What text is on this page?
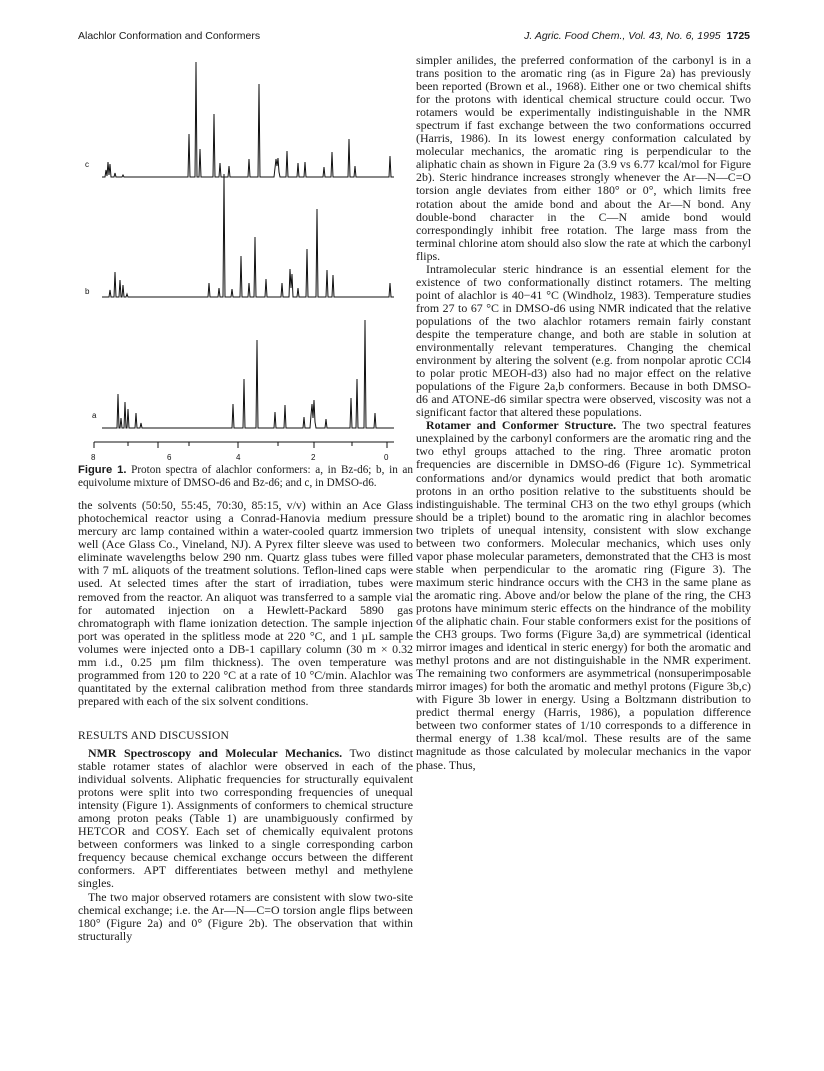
Alachlor Conformation and Conformers	J. Agric. Food Chem., Vol. 43, No. 6, 1995 1725
c
b
a
8	6	4	2	0
Figure 1. Proton spectra of alachlor conformers: a, in Bz-d6; b, in an equivolume mixture of DMSO-d6 and Bz-d6; and c, in DMSO-d6.

the solvents (50:50, 55:45, 70:30, 85:15, v/v) within an Ace Glass photochemical reactor using a Conrad-Hanovia medium pressure mercury arc lamp contained within a water-cooled quartz immersion well (Ace Glass Co., Vineland, NJ). A Pyrex filter sleeve was used to eliminate wavelengths below 290 nm. Quartz glass tubes were filled with 7 mL aliquots of the treatment solutions. Teflon-lined caps were used. At selected times after the start of irradiation, tubes were removed from the reactor. An aliquot was transferred to a sample vial for automated injection on a Hewlett-Packard 5890 gas chromatograph with flame ionization detection. The sample injection port was operated in the splitless mode at 220 °C, and 1 µL sample volumes were injected onto a DB-1 capillary column (30 m × 0.32 mm i.d., 0.25 µm film thickness). The oven temperature was programmed from 120 to 220 °C at a rate of 10 °C/min. Alachlor was quantitated by the external calibration method from three standards prepared with each of the six solvent conditions.

RESULTS AND DISCUSSION

NMR Spectroscopy and Molecular Mechanics. Two distinct stable rotamer states of alachlor were observed in each of the individual solvents. Aliphatic frequencies for structurally equivalent protons were split into two corresponding frequencies of unequal intensity (Figure 1). Assignments of conformers to chemical structure among proton peaks (Table 1) are unambiguously confirmed by HETCOR and COSY. Each set of chemically equivalent protons between conformers was linked to a single corresponding carbon frequency because chemical exchange occurs between the different conformers. APT differentiates between methyl and methylene singles.

The two major observed rotamers are consistent with slow two-site chemical exchange; i.e. the Ar—N—C=O torsion angle flips between 180° (Figure 2a) and 0° (Figure 2b). The observation that within structurally

simpler anilides, the preferred conformation of the carbonyl is in a trans position to the aromatic ring (as in Figure 2a) has previously been reported (Brown et al., 1968). Either one or two chemical shifts for the protons with identical chemical structure could occur. Two rotamers would be experimentally indistinguishable in the NMR spectrum if fast exchange between the two conformations occurred (Harris, 1986). In its lowest energy conformation calculated by molecular mechanics, the aromatic ring is perpendicular to the aliphatic chain as shown in Figure 2a (3.9 vs 6.77 kcal/mol for Figure 2b). Steric hindrance increases strongly whenever the Ar—N—C=O torsion angle deviates from either 180° or 0°, which limits free rotation about the amide bond and about the Ar—N bond. Any double-bond character in the C—N amide bond would correspondingly inhibit free rotation. The large mass from the terminal chlorine atom should also slow the rate at which the carbonyl flips.

Intramolecular steric hindrance is an essential element for the existence of two conformationally distinct rotamers. The melting point of alachlor is 40−41 °C (Windholz, 1983). Temperature studies from 27 to 67 °C in DMSO-d6 using NMR indicated that the relative populations of the two alachlor rotamers remain fairly constant despite the temperature change, and both are stable in solution at environmentally relevant temperatures. Changing the chemical environment by altering the solvent (e.g. from nonpolar aprotic CCl4 to polar protic MEOH-d3) also had no major effect on the relative populations of the Figure 2a,b conformers. Because in both DMSO-d6 and ATONE-d6 similar spectra were observed, viscosity was not a significant factor that altered these populations.

Rotamer and Conformer Structure. The two spectral features unexplained by the carbonyl conformers are the aromatic ring and the two ethyl groups attached to the ring. Three aromatic proton frequencies are discernible in DMSO-d6 (Figure 1c). Symmetrical conformations and/or dynamics would predict that both aromatic protons in an ortho position relative to the substituents should be indistinguishable. The terminal CH3 on the two ethyl groups (which should be a triplet) bound to the aromatic ring in alachlor becomes two triplets of unequal intensity, consistent with slow exchange between two conformers. Molecular mechanics, which uses only vapor phase molecular parameters, demonstrated that the CH3 is most stable when perpendicular to the aromatic ring (Figure 3). The maximum steric hindrance occurs with the CH3 in the same plane as the aromatic ring. Above and/or below the plane of the ring, the CH3 protons have minimum steric effects on the hindrance of the mobility of the aliphatic chain. Four stable conformers exist for the positions of the CH3 groups. Two forms (Figure 3a,d) are symmetrical (identical mirror images and identical in steric energy) for both the aromatic and methyl protons and are not distinguishable in the NMR experiment. The remaining two conformers are asymmetrical (nonsuperimposable mirror images) for both the aromatic and methyl protons (Figure 3b,c) with Figure 3b lower in energy. Using a Boltzmann distribution to predict thermal energy (Harris, 1986), a population difference between two conformer states of 1/10 corresponds to a difference in thermal energy of 1.38 kcal/mol. These results are of the same magnitude as those calculated by molecular mechanics in the vapor phase. Thus,
